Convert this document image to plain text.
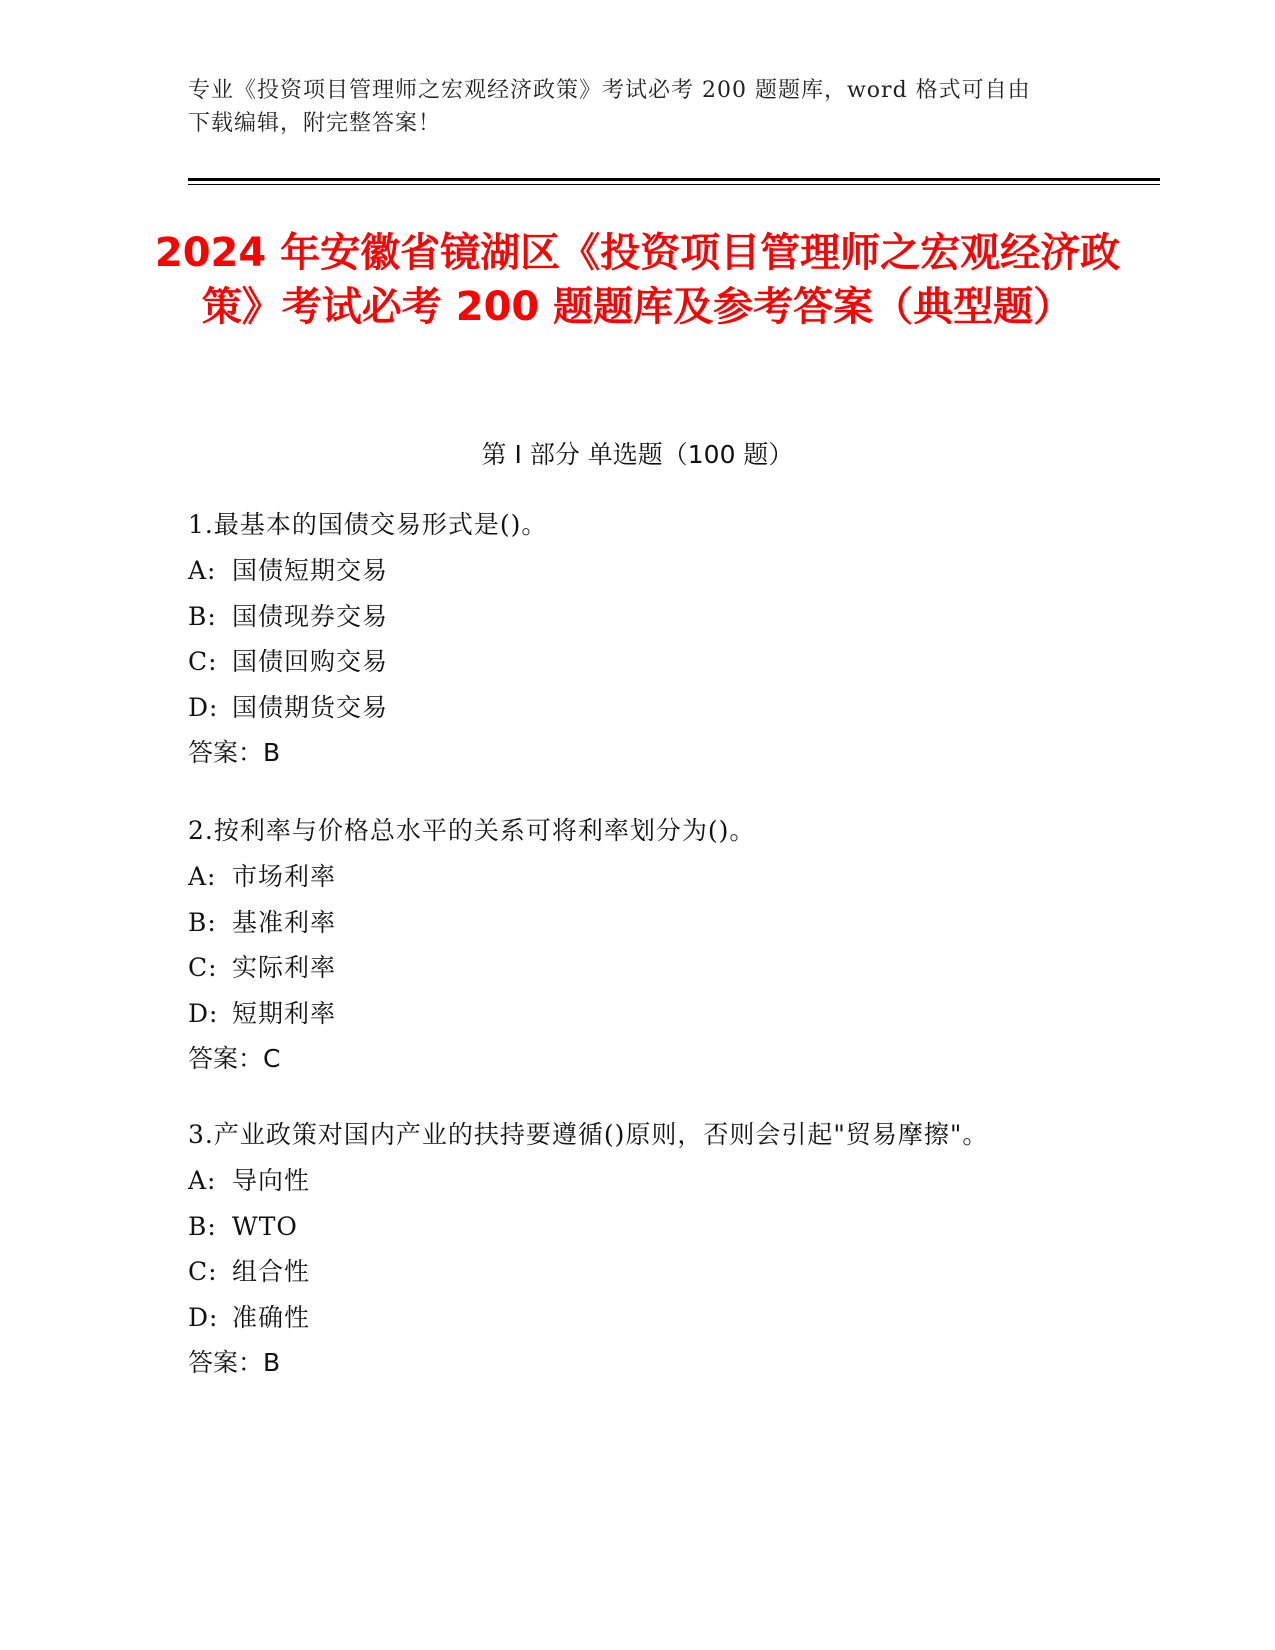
专业《投资项目管理师之宏观经济政策》考试必考 200 题题库，word 格式可自由
下载编辑，附完整答案！
2024 年安徽省镜湖区《投资项目管理师之宏观经济政策》考试必考 200 题题库及参考答案（典型题）
第 I 部分 单选题（100 题）

1.最基本的国债交易形式是()。

A: 国债短期交易

B: 国债现券交易

C: 国债回购交易

D: 国债期货交易

答案：B

2.按利率与价格总水平的关系可将利率划分为()。

A: 市场利率

B: 基准利率

C: 实际利率

D: 短期利率

答案：C

3.产业政策对国内产业的扶持要遵循()原则，否则会引起"贸易摩擦"。

A: 导向性

B: WTO

C: 组合性

D: 准确性

答案：B
